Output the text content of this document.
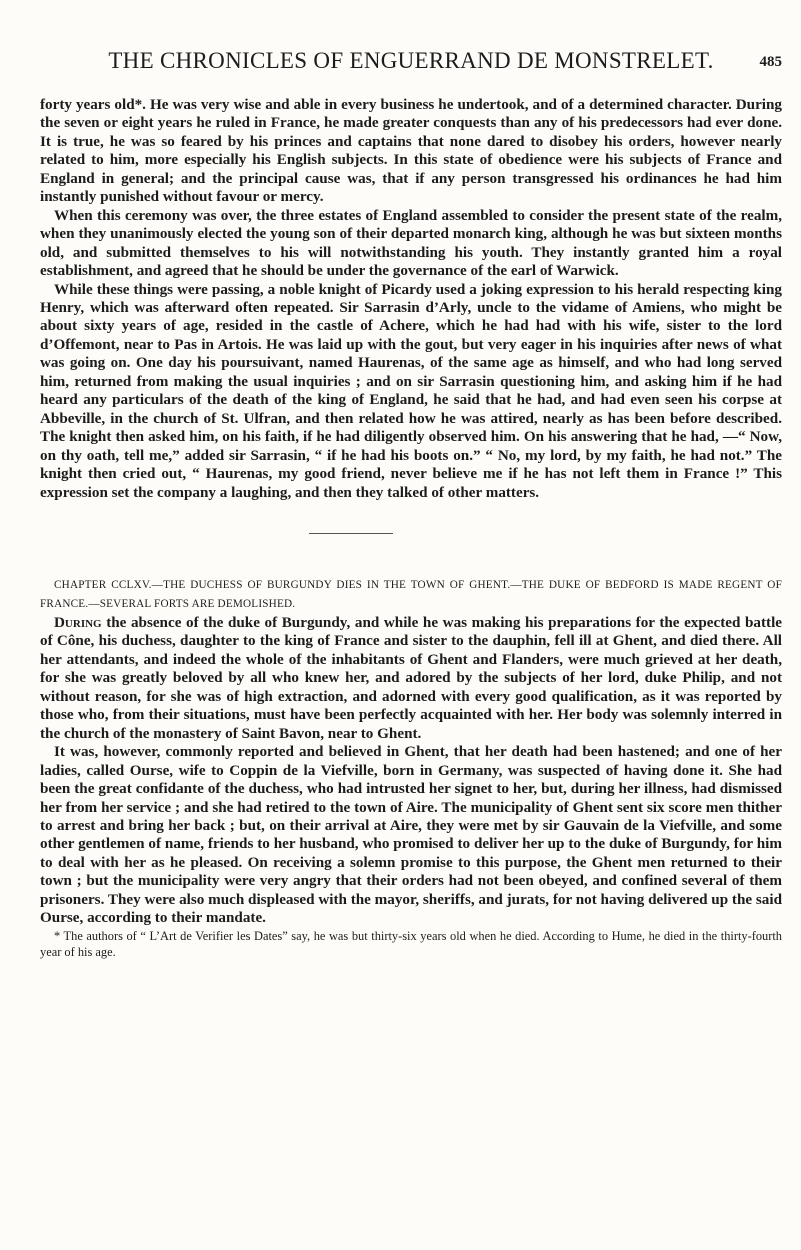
THE CHRONICLES OF ENGUERRAND DE MONSTRELET.	485

forty years old*. He was very wise and able in every business he undertook, and of a determined character. During the seven or eight years he ruled in France, he made greater conquests than any of his predecessors had ever done. It is true, he was so feared by his princes and captains that none dared to disobey his orders, however nearly related to him, more especially his English subjects. In this state of obedience were his subjects of France and England in general; and the principal cause was, that if any person transgressed his ordinances he had him instantly punished without favour or mercy.

When this ceremony was over, the three estates of England assembled to consider the present state of the realm, when they unanimously elected the young son of their departed monarch king, although he was but sixteen months old, and submitted themselves to his will notwithstanding his youth. They instantly granted him a royal establishment, and agreed that he should be under the governance of the earl of Warwick.

While these things were passing, a noble knight of Picardy used a joking expression to his herald respecting king Henry, which was afterward often repeated. Sir Sarrasin d’Arly, uncle to the vidame of Amiens, who might be about sixty years of age, resided in the castle of Achere, which he had had with his wife, sister to the lord d’Offemont, near to Pas in Artois. He was laid up with the gout, but very eager in his inquiries after news of what was going on. One day his poursuivant, named Haurenas, of the same age as himself, and who had long served him, returned from making the usual inquiries ; and on sir Sarrasin questioning him, and asking him if he had heard any particulars of the death of the king of England, he said that he had, and had even seen his corpse at Abbeville, in the church of St. Ulfran, and then related how he was attired, nearly as has been before described. The knight then asked him, on his faith, if he had diligently observed him. On his answering that he had, —“ Now, on thy oath, tell me,” added sir Sarrasin, “ if he had his boots on.” “ No, my lord, by my faith, he had not.” The knight then cried out, “ Haurenas, my good friend, never believe me if he has not left them in France !” This expression set the company a laughing, and then they talked of other matters.

CHAPTER CCLXV.—THE DUCHESS OF BURGUNDY DIES IN THE TOWN OF GHENT.—THE DUKE OF BEDFORD IS MADE REGENT OF FRANCE.—SEVERAL FORTS ARE DEMOLISHED.

During the absence of the duke of Burgundy, and while he was making his preparations for the expected battle of Cône, his duchess, daughter to the king of France and sister to the dauphin, fell ill at Ghent, and died there. All her attendants, and indeed the whole of the inhabitants of Ghent and Flanders, were much grieved at her death, for she was greatly beloved by all who knew her, and adored by the subjects of her lord, duke Philip, and not without reason, for she was of high extraction, and adorned with every good qualification, as it was reported by those who, from their situations, must have been perfectly acquainted with her. Her body was solemnly interred in the church of the monastery of Saint Bavon, near to Ghent.

It was, however, commonly reported and believed in Ghent, that her death had been hastened; and one of her ladies, called Ourse, wife to Coppin de la Viefville, born in Germany, was suspected of having done it. She had been the great confidante of the duchess, who had intrusted her signet to her, but, during her illness, had dismissed her from her service ; and she had retired to the town of Aire. The municipality of Ghent sent six score men thither to arrest and bring her back ; but, on their arrival at Aire, they were met by sir Gauvain de la Viefville, and some other gentlemen of name, friends to her husband, who promised to deliver her up to the duke of Burgundy, for him to deal with her as he pleased. On receiving a solemn promise to this purpose, the Ghent men returned to their town ; but the municipality were very angry that their orders had not been obeyed, and confined several of them prisoners. They were also much displeased with the mayor, sheriffs, and jurats, for not having delivered up the said Ourse, according to their mandate.

* The authors of “ L’Art de Verifier les Dates” say, he was but thirty-six years old when he died. According to Hume, he died in the thirty-fourth year of his age.
